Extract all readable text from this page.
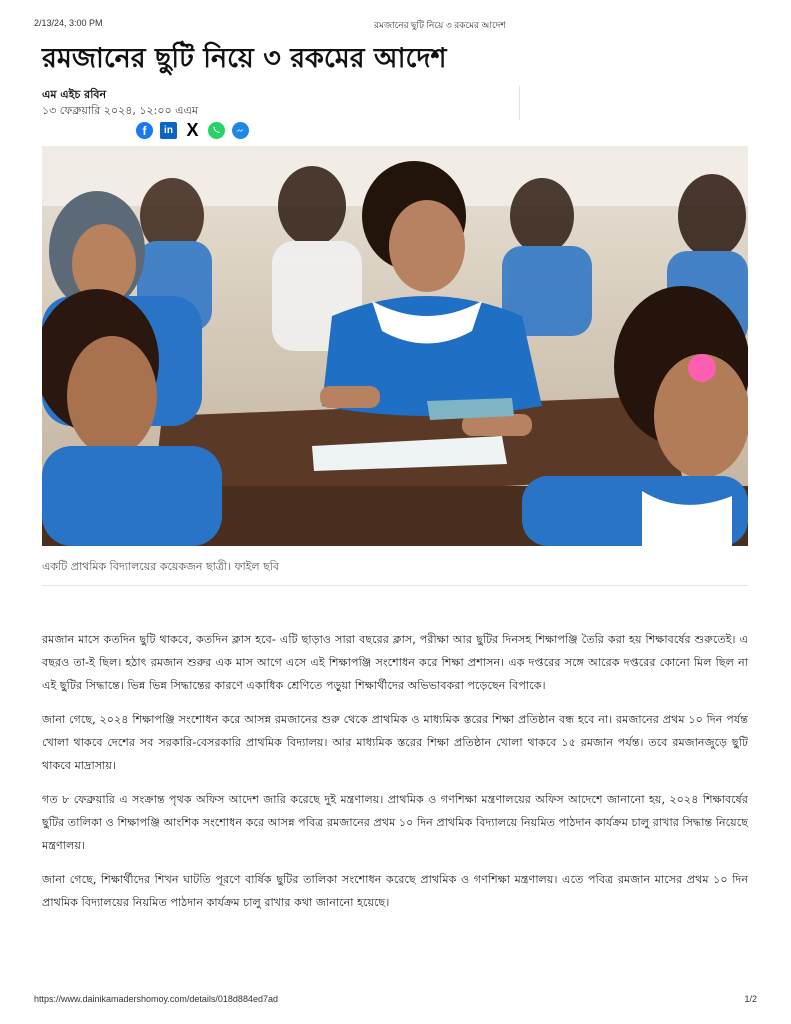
2/13/24, 3:00 PM	রমজানের ছুটি নিয়ে ৩ রকমের আদেশ
রমজানের ছুটি নিয়ে ৩ রকমের আদেশ
এম এইচ রবিন
১৩ ফেব্রুয়ারি ২০২৪, ১২:০০ এএম
f	in X
একটি প্রাথমিক বিদ্যালয়ের কয়েকজন ছাত্রী। ফাইল ছবি

রমজান মাসে কতদিন ছুটি থাকবে, কতদিন ক্লাস হবে- এটি ছাড়াও সারা বছরের ক্লাস, পরীক্ষা আর ছুটির দিনসহ শিক্ষাপঞ্জি তৈরি করা হয় শিক্ষাবর্ষের শুরুতেই। এ বছরও তা-ই ছিল। হঠাৎ রমজান শুরুর এক মাস আগে এসে এই শিক্ষাপঞ্জি সংশোধন করে শিক্ষা প্রশাসন। এক দপ্তরের সঙ্গে আরেক দপ্তরের কোনো মিল ছিল না এই ছুটির সিদ্ধান্তে। ভিন্ন ভিন্ন সিদ্ধান্তের কারণে একাধিক শ্রেণিতে পড়ুয়া শিক্ষার্থীদের অভিভাবকরা পড়েছেন বিপাকে।

জানা গেছে, ২০২৪ শিক্ষাপঞ্জি সংশোধন করে আসন্ন রমজানের শুরু থেকে প্রাথমিক ও মাধ্যমিক স্তরের শিক্ষা প্রতিষ্ঠান বন্ধ হবে না। রমজানের প্রথম ১০ দিন পর্যন্ত খোলা থাকবে দেশের সব সরকারি-বেসরকারি প্রাথমিক বিদ্যালয়। আর মাধ্যমিক স্তরের শিক্ষা প্রতিষ্ঠান খোলা থাকবে ১৫ রমজান পর্যন্ত। তবে রমজানজুড়ে ছুটি থাকবে মাদ্রাসায়।

গত ৮ ফেব্রুয়ারি এ সংক্রান্ত পৃথক অফিস আদেশ জারি করেছে দুই মন্ত্রণালয়। প্রাথমিক ও গণশিক্ষা মন্ত্রণালয়ের অফিস আদেশে জানানো হয়, ২০২৪ শিক্ষাবর্ষের ছুটির তালিকা ও শিক্ষাপঞ্জি আংশিক সংশোধন করে আসন্ন পবিত্র রমজানের প্রথম ১০ দিন প্রাথমিক বিদ্যালয়ে নিয়মিত পাঠদান কার্যক্রম চালু রাখার সিদ্ধান্ত নিয়েছে মন্ত্রণালয়।

জানা গেছে, শিক্ষার্থীদের শিখন ঘাটতি পূরণে বার্ষিক ছুটির তালিকা সংশোধন করেছে প্রাথমিক ও গণশিক্ষা মন্ত্রণালয়। এতে পবিত্র রমজান মাসের প্রথম ১০ দিন প্রাথমিক বিদ্যালয়ের নিয়মিত পাঠদান কার্যক্রম চালু রাখার কথা জানানো হয়েছে।

https://www.dainikamadershomoy.com/details/018d884ed7ad	1/2
